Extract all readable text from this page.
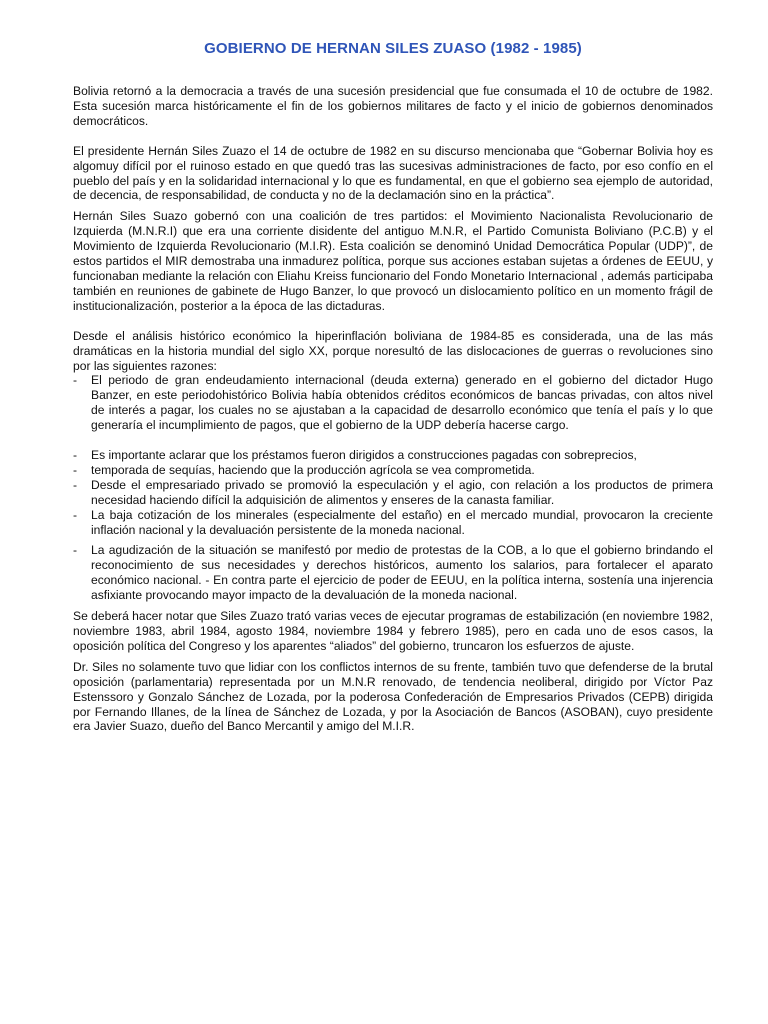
GOBIERNO DE HERNAN SILES ZUASO (1982 - 1985)

Bolivia retornó a la democracia a través de una sucesión presidencial que fue consumada el 10 de octubre de 1982. Esta sucesión marca históricamente el fin de los gobiernos militares de facto y el inicio de gobiernos denominados democráticos.

El presidente Hernán Siles Zuazo el 14 de octubre de 1982 en su discurso mencionaba que “Gobernar Bolivia hoy es algomuy difícil por el ruinoso estado en que quedó tras las sucesivas administraciones de facto, por eso confío en el pueblo del país y en la solidaridad internacional y lo que es fundamental, en que el gobierno sea ejemplo de autoridad, de decencia, de responsabilidad, de conducta y no de la declamación sino en la práctica”.

Hernán Siles Suazo gobernó con una coalición de tres partidos: el Movimiento Nacionalista Revolucionario de Izquierda (M.N.R.I) que era una corriente disidente del antiguo M.N.R, el Partido Comunista Boliviano (P.C.B) y el Movimiento de Izquierda Revolucionario (M.I.R). Esta coalición se denominó Unidad Democrática Popular (UDP)”, de estos partidos el MIR demostraba una inmadurez política, porque sus acciones estaban sujetas a órdenes de EEUU, y funcionaban mediante la relación con Eliahu Kreiss funcionario del Fondo Monetario Internacional , además participaba también en reuniones de gabinete de Hugo Banzer, lo que provocó un dislocamiento político en un momento frágil de institucionalización, posterior a la época de las dictaduras.

Desde el análisis histórico económico la hiperinflación boliviana de 1984-85 es considerada, una de las más dramáticas en la historia mundial del siglo XX, porque noresultó de las dislocaciones de guerras o revoluciones sino por las siguientes razones:

- El periodo de gran endeudamiento internacional (deuda externa) generado en el gobierno del dictador Hugo Banzer, en este periodohistórico Bolivia había obtenidos créditos económicos de bancas privadas, con altos nivel de interés a pagar, los cuales no se ajustaban a la capacidad de desarrollo económico que tenía el país y lo que generaría el incumplimiento de pagos, que el gobierno de la UDP debería hacerse cargo.
- Es importante aclarar que los préstamos fueron dirigidos a construcciones pagadas con sobreprecios,
- temporada de sequías, haciendo que la producción agrícola se vea comprometida.
- Desde el empresariado privado se promovió la especulación y el agio, con relación a los productos de primera necesidad haciendo difícil la adquisición de alimentos y enseres de la canasta familiar.
- La baja cotización de los minerales (especialmente del estaño) en el mercado mundial, provocaron la creciente inflación nacional y la devaluación persistente de la moneda nacional.
- La agudización de la situación se manifestó por medio de protestas de la COB, a lo que el gobierno brindando el reconocimiento de sus necesidades y derechos históricos, aumento los salarios, para fortalecer el aparato económico nacional. - En contra parte el ejercicio de poder de EEUU, en la política interna, sostenía una injerencia asfixiante provocando mayor impacto de la devaluación de la moneda nacional.

Se deberá hacer notar que Siles Zuazo trató varias veces de ejecutar programas de estabilización (en noviembre 1982, noviembre 1983, abril 1984, agosto 1984, noviembre 1984 y febrero 1985), pero en cada uno de esos casos, la oposición política del Congreso y los aparentes “aliados” del gobierno, truncaron los esfuerzos de ajuste.

Dr. Siles no solamente tuvo que lidiar con los conflictos internos de su frente, también tuvo que defenderse de la brutal oposición (parlamentaria) representada por un M.N.R renovado, de tendencia neoliberal, dirigido por Víctor Paz Estenssoro y Gonzalo Sánchez de Lozada, por la poderosa Confederación de Empresarios Privados (CEPB) dirigida por Fernando Illanes, de la línea de Sánchez de Lozada, y por la Asociación de Bancos (ASOBAN), cuyo presidente era Javier Suazo, dueño del Banco Mercantil y amigo del M.I.R.
